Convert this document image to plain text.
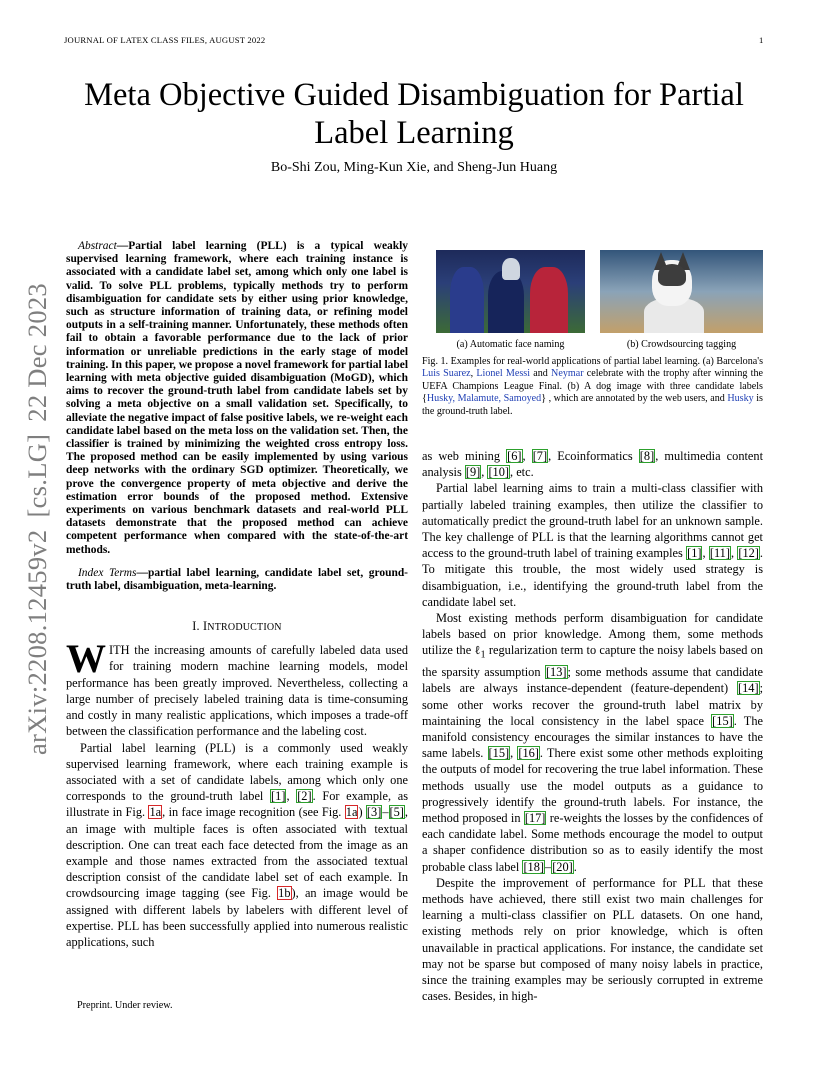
JOURNAL OF LATEX CLASS FILES, AUGUST 2022	1
arXiv:2208.12459v2[cs.LG]22 Dec 2023
Meta Objective Guided Disambiguation for Partial Label Learning
Bo-Shi Zou, Ming-Kun Xie, and Sheng-Jun Huang
(a) Automatic face naming	(b) Crowdsourcing tagging

Fig. 1. Examples for real-world applications of partial label learning. (a) Barcelona's Luis Suarez, Lionel Messi and Neymar celebrate with the trophy after winning the UEFA Champions League Final. (b) A dog image with three candidate labels {Husky, Malamute, Samoyed} , which are annotated by the web users, and Husky is the ground-truth label.

Abstract—Partial label learning (PLL) is a typical weakly supervised learning framework, where each training instance is associated with a candidate label set, among which only one label is valid. To solve PLL problems, typically methods try to perform disambiguation for candidate sets by either using prior knowledge, such as structure information of training data, or refining model outputs in a self-training manner. Unfortunately, these methods often fail to obtain a favorable performance due to the lack of prior information or unreliable predictions in the early stage of model training. In this paper, we propose a novel framework for partial label learning with meta objective guided disambiguation (MoGD), which aims to recover the ground-truth label from candidate labels set by solving a meta objective on a small validation set. Specifically, to alleviate the negative impact of false positive labels, we re-weight each candidate label based on the meta loss on the validation set. Then, the classifier is trained by minimizing the weighted cross entropy loss. The proposed method can be easily implemented by using various deep networks with the ordinary SGD optimizer. Theoretically, we prove the convergence property of meta objective and derive the estimation error bounds of the proposed method. Extensive experiments on various benchmark datasets and real-world PLL datasets demonstrate that the proposed method can achieve competent performance when compared with the state-of-the-art methods.

Index Terms—partial label learning, candidate label set, ground-truth label, disambiguation, meta-learning.

I. INTRODUCTION

WITH the increasing amounts of carefully labeled data used for training modern machine learning models, model performance has been greatly improved. Nevertheless, collecting a large number of precisely labeled training data is time-consuming and costly in many realistic applications, which imposes a trade-off between the classification performance and the labeling cost.

Partial label learning (PLL) is a commonly used weakly supervised learning framework, where each training example is associated with a set of candidate labels, among which only one corresponds to the ground-truth label [1], [2]. For example, as illustrate in Fig. 1a, in face image recognition (see Fig. 1a) [3]–[5], an image with multiple faces is often associated with textual description. One can treat each face detected from the image as an example and those names extracted from the associated textual description consist of the candidate label set of each example. In crowdsourcing image tagging (see Fig. 1b), an image would be assigned with different labels by labelers with different level of expertise. PLL has been successfully applied into numerous realistic applications, such

as web mining [6], [7], Ecoinformatics [8], multimedia content analysis [9], [10], etc.

Partial label learning aims to train a multi-class classifier with partially labeled training examples, then utilize the classifier to automatically predict the ground-truth label for an unknown sample. The key challenge of PLL is that the learning algorithms cannot get access to the ground-truth label of training examples [1], [11], [12]. To mitigate this trouble, the most widely used strategy is disambiguation, i.e., identifying the ground-truth label from the candidate label set.

Most existing methods perform disambiguation for candidate labels based on prior knowledge. Among them, some methods utilize the ℓ$_1$ regularization term to capture the noisy labels based on the sparsity assumption [13]; some methods assume that candidate labels are always instance-dependent (feature-dependent) [14]; some other works recover the ground-truth label matrix by maintaining the local consistency in the label space [15]. The manifold consistency encourages the similar instances to have the same labels. [15], [16]. There exist some other methods exploiting the outputs of model for recovering the true label information. These methods usually use the model outputs as a guidance to progressively identify the ground-truth labels. For instance, the method proposed in [17] re-weights the losses by the confidences of each candidate label. Some methods encourage the model to output a shaper confidence distribution so as to easily identify the most probable class label [18]–[20].

Despite the improvement of performance for PLL that these methods have achieved, there still exist two main challenges for learning a multi-class classifier on PLL datasets. On one hand, existing methods rely on prior knowledge, which is often unavailable in practical applications. For instance, the candidate set may not be sparse but composed of many noisy labels in practice, since the training examples may be seriously corrupted in extreme cases. Besides, in high-

Preprint. Under review.
